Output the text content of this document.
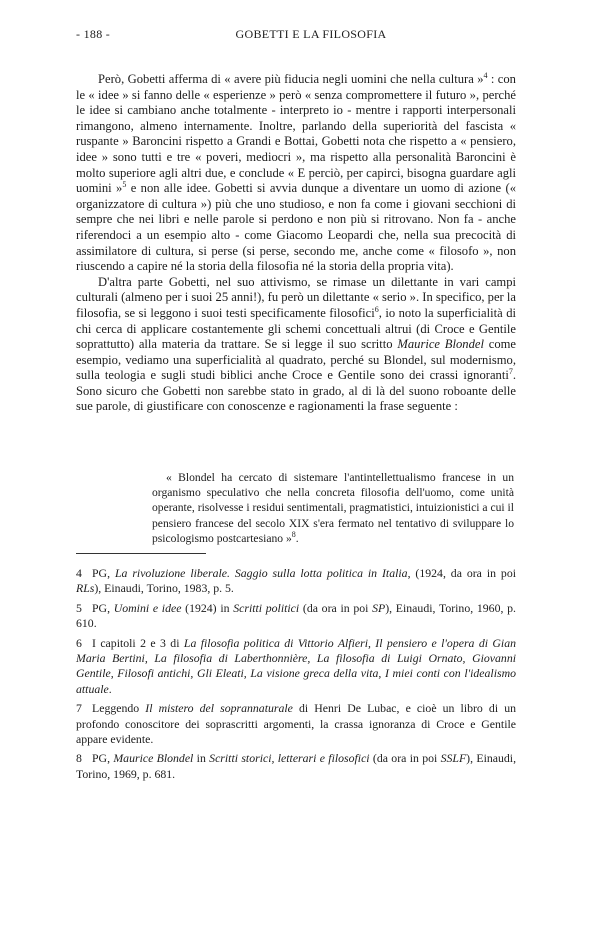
- 188 -	GOBETTI E LA FILOSOFIA

Però, Gobetti afferma di « avere più fiducia negli uomini che nella cultura »$^4$ : con le « idee » si fanno delle « esperienze » però « senza compromettere il futuro », perché le idee si cambiano anche totalmente - interpreto io - mentre i rapporti interpersonali rimangono, almeno internamente. Inoltre, parlando della superiorità del fascista « ruspante » Baroncini rispetto a Grandi e Bottai, Gobetti nota che rispetto a « pensiero, idee » sono tutti e tre « poveri, mediocri », ma rispetto alla personalità Baroncini è molto superiore agli altri due, e conclude « E perciò, per capirci, bisogna guardare agli uomini »$^5$ e non alle idee. Gobetti si avvia dunque a diventare un uomo di azione (« organizzatore di cultura ») più che uno studioso, e non fa come i giovani secchioni di sempre che nei libri e nelle parole si perdono e non più si ritrovano. Non fa - anche riferendoci a un esempio alto - come Giacomo Leopardi che, nella sua precocità di assimilatore di cultura, si perse (si perse, secondo me, anche come « filosofo », non riuscendo a capire né la storia della filosofia né la storia della propria vita).

D'altra parte Gobetti, nel suo attivismo, se rimase un dilettante in vari campi culturali (almeno per i suoi 25 anni!), fu però un dilettante « serio ». In specifico, per la filosofia, se si leggono i suoi testi specificamente filosofici$^6$, io noto la superficialità di chi cerca di applicare costantemente gli schemi concettuali altrui (di Croce e Gentile soprattutto) alla materia da trattare. Se si legge il suo scritto Maurice Blondel come esempio, vediamo una superficialità al quadrato, perché su Blondel, sul modernismo, sulla teologia e sugli studi biblici anche Croce e Gentile sono dei crassi ignoranti$^7$. Sono sicuro che Gobetti non sarebbe stato in grado, al di là del suono roboante delle sue parole, di giustificare con conoscenze e ragionamenti la frase seguente :

« Blondel ha cercato di sistemare l'antintellettualismo francese in un organismo speculativo che nella concreta filosofia dell'uomo, come unità operante, risolvesse i residui sentimentali, pragmatistici, intuizionistici a cui il pensiero francese del secolo XIX s'era fermato nel tentativo di sviluppare lo psicologismo postcartesiano »$^8$.

4 PG, La rivoluzione liberale. Saggio sulla lotta politica in Italia, (1924, da ora in poi RLs), Einaudi, Torino, 1983, p. 5.

5 PG, Uomini e idee (1924) in Scritti politici (da ora in poi SP), Einaudi, Torino, 1960, p. 610.

6 I capitoli 2 e 3 di La filosofia politica di Vittorio Alfieri, Il pensiero e l'opera di Gian Maria Bertini, La filosofia di Laberthonnière, La filosofia di Luigi Ornato, Giovanni Gentile, Filosofi antichi, Gli Eleati, La visione greca della vita, I miei conti con l'idealismo attuale.

7 Leggendo Il mistero del soprannaturale di Henri De Lubac, e cioè un libro di un profondo conoscitore dei soprascritti argomenti, la crassa ignoranza di Croce e Gentile appare evidente.

8 PG, Maurice Blondel in Scritti storici, letterari e filosofici (da ora in poi SSLF), Einaudi, Torino, 1969, p. 681.
